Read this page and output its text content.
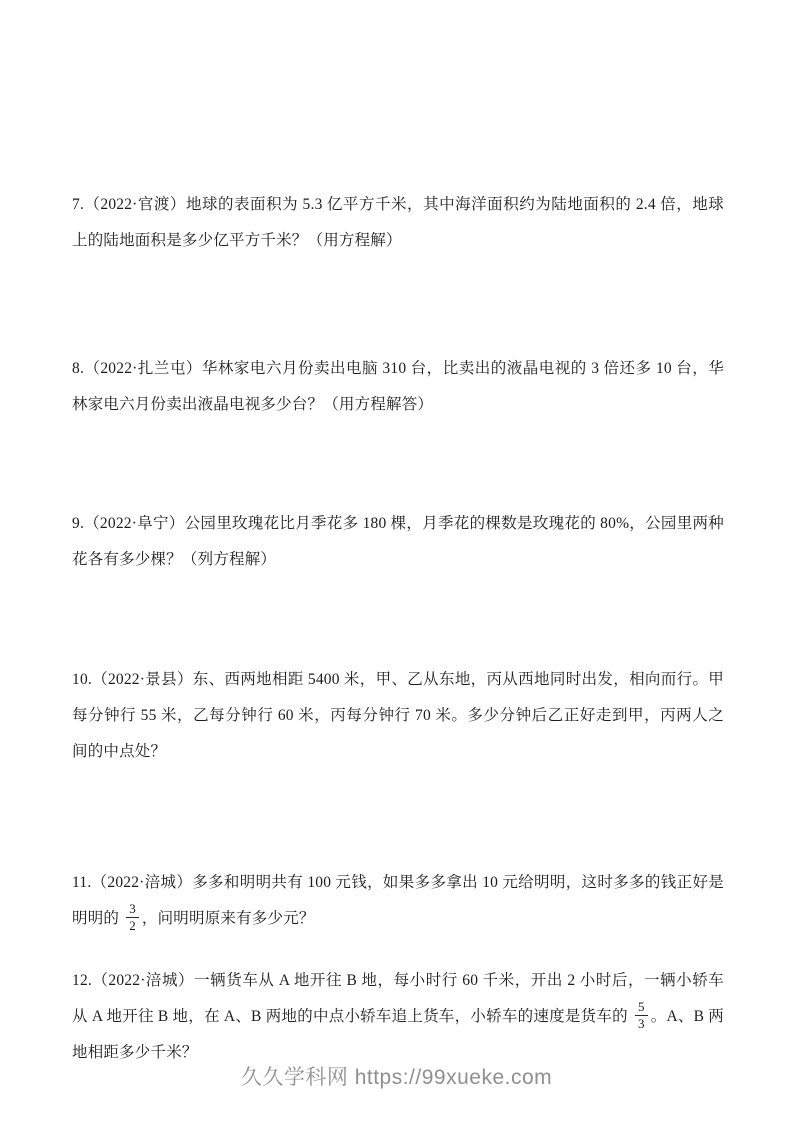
7.（2022·官渡）地球的表面积为 5.3 亿平方千米，其中海洋面积约为陆地面积的 2.4 倍，地球上的陆地面积是多少亿平方千米？（用方程解）

8.（2022·扎兰屯）华林家电六月份卖出电脑 310 台，比卖出的液晶电视的 3 倍还多 10 台，华林家电六月份卖出液晶电视多少台？（用方程解答）

9.（2022·阜宁）公园里玫瑰花比月季花多 180 棵，月季花的棵数是玫瑰花的 80%，公园里两种花各有多少棵？（列方程解）

10.（2022·景县）东、西两地相距 5400 米，甲、乙从东地，丙从西地同时出发，相向而行。甲每分钟行 55 米，乙每分钟行 60 米，丙每分钟行 70 米。多少分钟后乙正好走到甲，丙两人之间的中点处？

11.（2022·涪城）多多和明明共有 100 元钱，如果多多拿出 10 元给明明，这时多多的钱正好是明明的 $\frac{3}{2}$ ，问明明原来有多少元？

12.（2022·涪城）一辆货车从 A 地开往 B 地，每小时行 60 千米，开出 2 小时后，一辆小轿车从 A 地开往 B 地，在 A、B 两地的中点小轿车追上货车，小轿车的速度是货车的 $\frac{5}{3}$ 。A、B 两地相距多少千米？

久久学科网 https://99xueke.com
